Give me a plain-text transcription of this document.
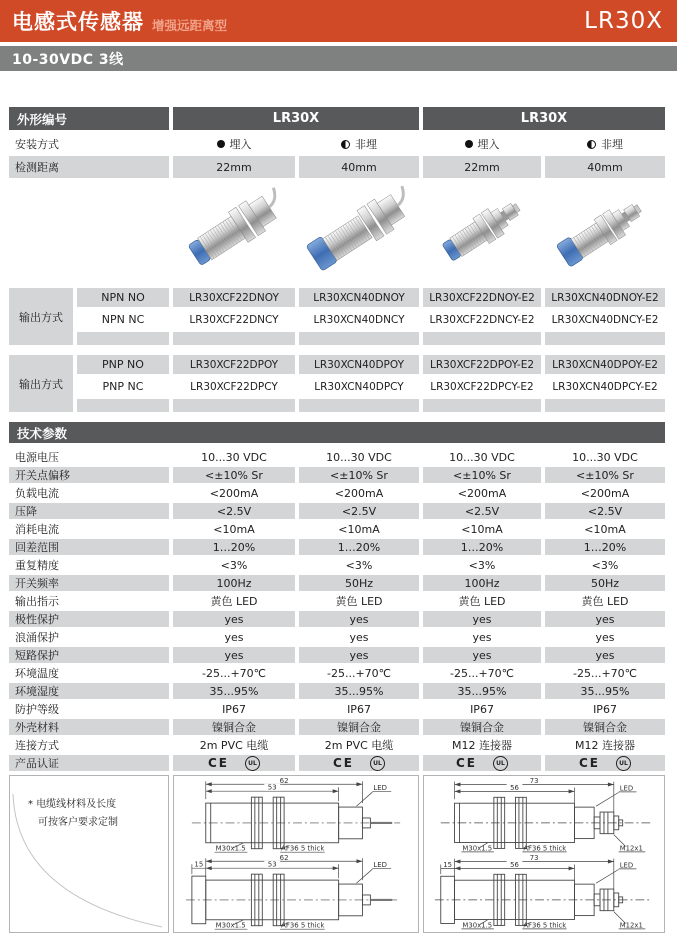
电感式传感器 增强远距离型	LR30X
10-30VDC 3线
外形编号	LR30X	LR30X
安装方式	埋入	非埋	埋入	非埋
检测距离	22mm	40mm	22mm	40mm
输出方式
NPN NO	LR30XCF22DNOY	LR30XCN40DNOY	LR30XCF22DNOY-E2	LR30XCN40DNOY-E2
NPN NC	LR30XCF22DNCY	LR30XCN40DNCY	LR30XCF22DNCY-E2	LR30XCN40DNCY-E2
输出方式
PNP NO	LR30XCF22DPOY	LR30XCN40DPOY	LR30XCF22DPOY-E2	LR30XCN40DPOY-E2
PNP NC	LR30XCF22DPCY	LR30XCN40DPCY	LR30XCF22DPCY-E2	LR30XCN40DPCY-E2
技术参数
电源电压	10...30 VDC	10...30 VDC	10...30 VDC	10...30 VDC
开关点偏移	<±10% Sr	<±10% Sr	<±10% Sr	<±10% Sr
负载电流	<200mA	<200mA	<200mA	<200mA
压降	<2.5V	<2.5V	<2.5V	<2.5V
消耗电流	<10mA	<10mA	<10mA	<10mA
回差范围	1…20%	1…20%	1…20%	1…20%
重复精度	<3%	<3%	<3%	<3%
开关频率	100Hz	50Hz	100Hz	50Hz
输出指示	黄色 LED	黄色 LED	黄色 LED	黄色 LED
极性保护	yes	yes	yes	yes
浪涌保护	yes	yes	yes	yes
短路保护	yes	yes	yes	yes
环境温度	-25...+70℃	-25...+70℃	-25...+70℃	-25...+70℃
环境湿度	35...95%	35...95%	35...95%	35...95%
防护等级	IP67	IP67	IP67	IP67
外壳材料	镍铜合金	镍铜合金	镍铜合金	镍铜合金
连接方式	2m PVC 电缆	2m PVC 电缆	M12 连接器	M12 连接器
产品认证	CE	UL	CE	UL	CE	UL	CE	UL
* 电缆线材料及长度
可按客户要求定制
62
53	LED
M30x1.5	AF36 5 thick
62
53
15	LED
M30x1.5	AF36 5 thick
73
56	LED
M30x1.5	AF36 5 thick	M12x1
73
56
15	LED
M30x1.5	AF36 5 thick	M12x1
